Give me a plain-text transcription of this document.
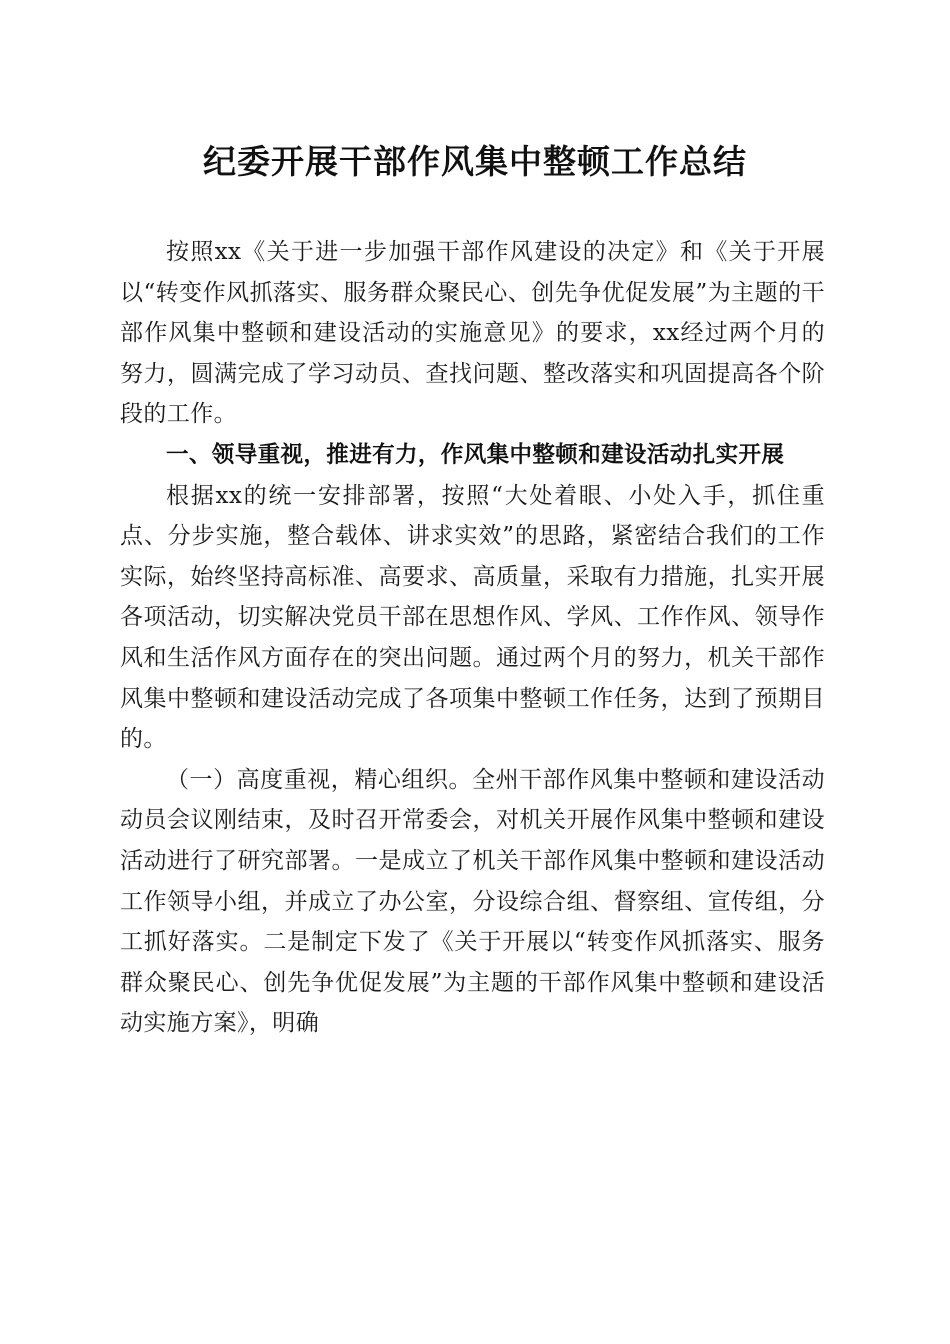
纪委开展干部作风集中整顿工作总结

按照xx《关于进一步加强干部作风建设的决定》和《关于开展以“转变作风抓落实、服务群众聚民心、创先争优促发展”为主题的干部作风集中整顿和建设活动的实施意见》的要求，xx经过两个月的努力，圆满完成了学习动员、查找问题、整改落实和巩固提高各个阶段的工作。

一、领导重视，推进有力，作风集中整顿和建设活动扎实开展

根据xx的统一安排部署，按照“大处着眼、小处入手，抓住重点、分步实施，整合载体、讲求实效”的思路，紧密结合我们的工作实际，始终坚持高标准、高要求、高质量，采取有力措施，扎实开展各项活动，切实解决党员干部在思想作风、学风、工作作风、领导作风和生活作风方面存在的突出问题。通过两个月的努力，机关干部作风集中整顿和建设活动完成了各项集中整顿工作任务，达到了预期目的。

（一）高度重视，精心组织。全州干部作风集中整顿和建设活动动员会议刚结束，及时召开常委会，对机关开展作风集中整顿和建设活动进行了研究部署。一是成立了机关干部作风集中整顿和建设活动工作领导小组，并成立了办公室，分设综合组、督察组、宣传组，分工抓好落实。二是制定下发了《关于开展以“转变作风抓落实、服务群众聚民心、创先争优促发展”为主题的干部作风集中整顿和建设活动实施方案》，明确
